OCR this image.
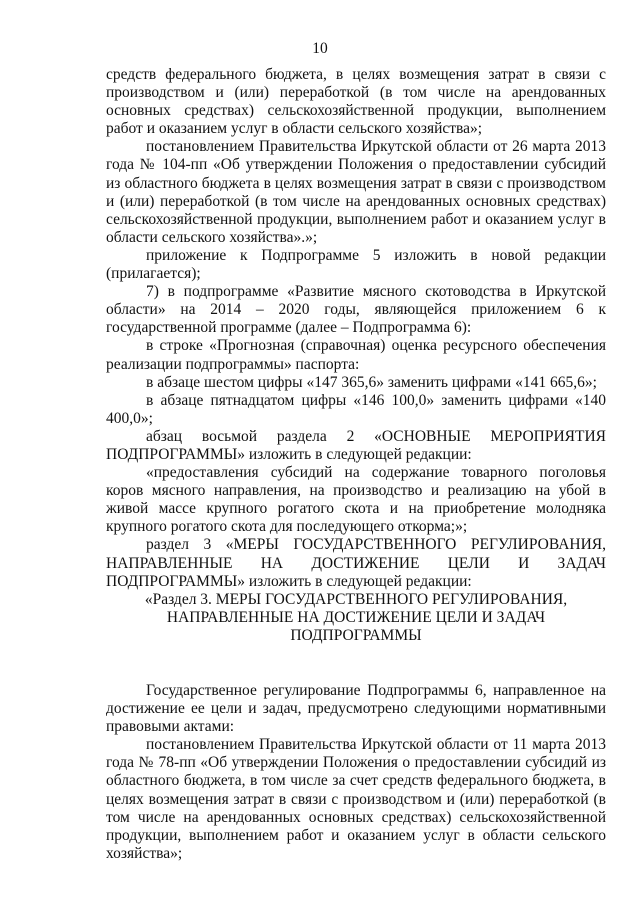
10

средств федерального бюджета, в целях возмещения затрат в связи с производством и (или) переработкой (в том числе на арендованных основных средствах) сельскохозяйственной продукции, выполнением работ и оказанием услуг в области сельского хозяйства»;

постановлением Правительства Иркутской области от 26 марта 2013 года № 104-пп «Об утверждении Положения о предоставлении субсидий из областного бюджета в целях возмещения затрат в связи с производством и (или) переработкой (в том числе на арендованных основных средствах) сельскохозяйственной продукции, выполнением работ и оказанием услуг в области сельского хозяйства».»;

приложение к Подпрограмме 5 изложить в новой редакции (прилагается);

7) в подпрограмме «Развитие мясного скотоводства в Иркутской области» на 2014 – 2020 годы, являющейся приложением 6 к государственной программе (далее – Подпрограмма 6):

в строке «Прогнозная (справочная) оценка ресурсного обеспечения реализации подпрограммы» паспорта:

в абзаце шестом цифры «147 365,6» заменить цифрами «141 665,6»;

в абзаце пятнадцатом цифры «146 100,0» заменить цифрами «140 400,0»;

абзац восьмой раздела 2 «ОСНОВНЫЕ МЕРОПРИЯТИЯ ПОДПРОГРАММЫ» изложить в следующей редакции:

«предоставления субсидий на содержание товарного поголовья коров мясного направления, на производство и реализацию на убой в живой массе крупного рогатого скота и на приобретение молодняка крупного рогатого скота для последующего откорма;»;

раздел 3 «МЕРЫ ГОСУДАРСТВЕННОГО РЕГУЛИРОВАНИЯ, НАПРАВЛЕННЫЕ НА ДОСТИЖЕНИЕ ЦЕЛИ И ЗАДАЧ ПОДПРОГРАММЫ» изложить в следующей редакции:

«Раздел 3. МЕРЫ ГОСУДАРСТВЕННОГО РЕГУЛИРОВАНИЯ,

НАПРАВЛЕННЫЕ НА ДОСТИЖЕНИЕ ЦЕЛИ И ЗАДАЧ

ПОДПРОГРАММЫ

Государственное регулирование Подпрограммы 6, направленное на достижение ее цели и задач, предусмотрено следующими нормативными правовыми актами:

постановлением Правительства Иркутской области от 11 марта 2013 года № 78-пп «Об утверждении Положения о предоставлении субсидий из областного бюджета, в том числе за счет средств федерального бюджета, в целях возмещения затрат в связи с производством и (или) переработкой (в том числе на арендованных основных средствах) сельскохозяйственной продукции, выполнением работ и оказанием услуг в области сельского хозяйства»;
